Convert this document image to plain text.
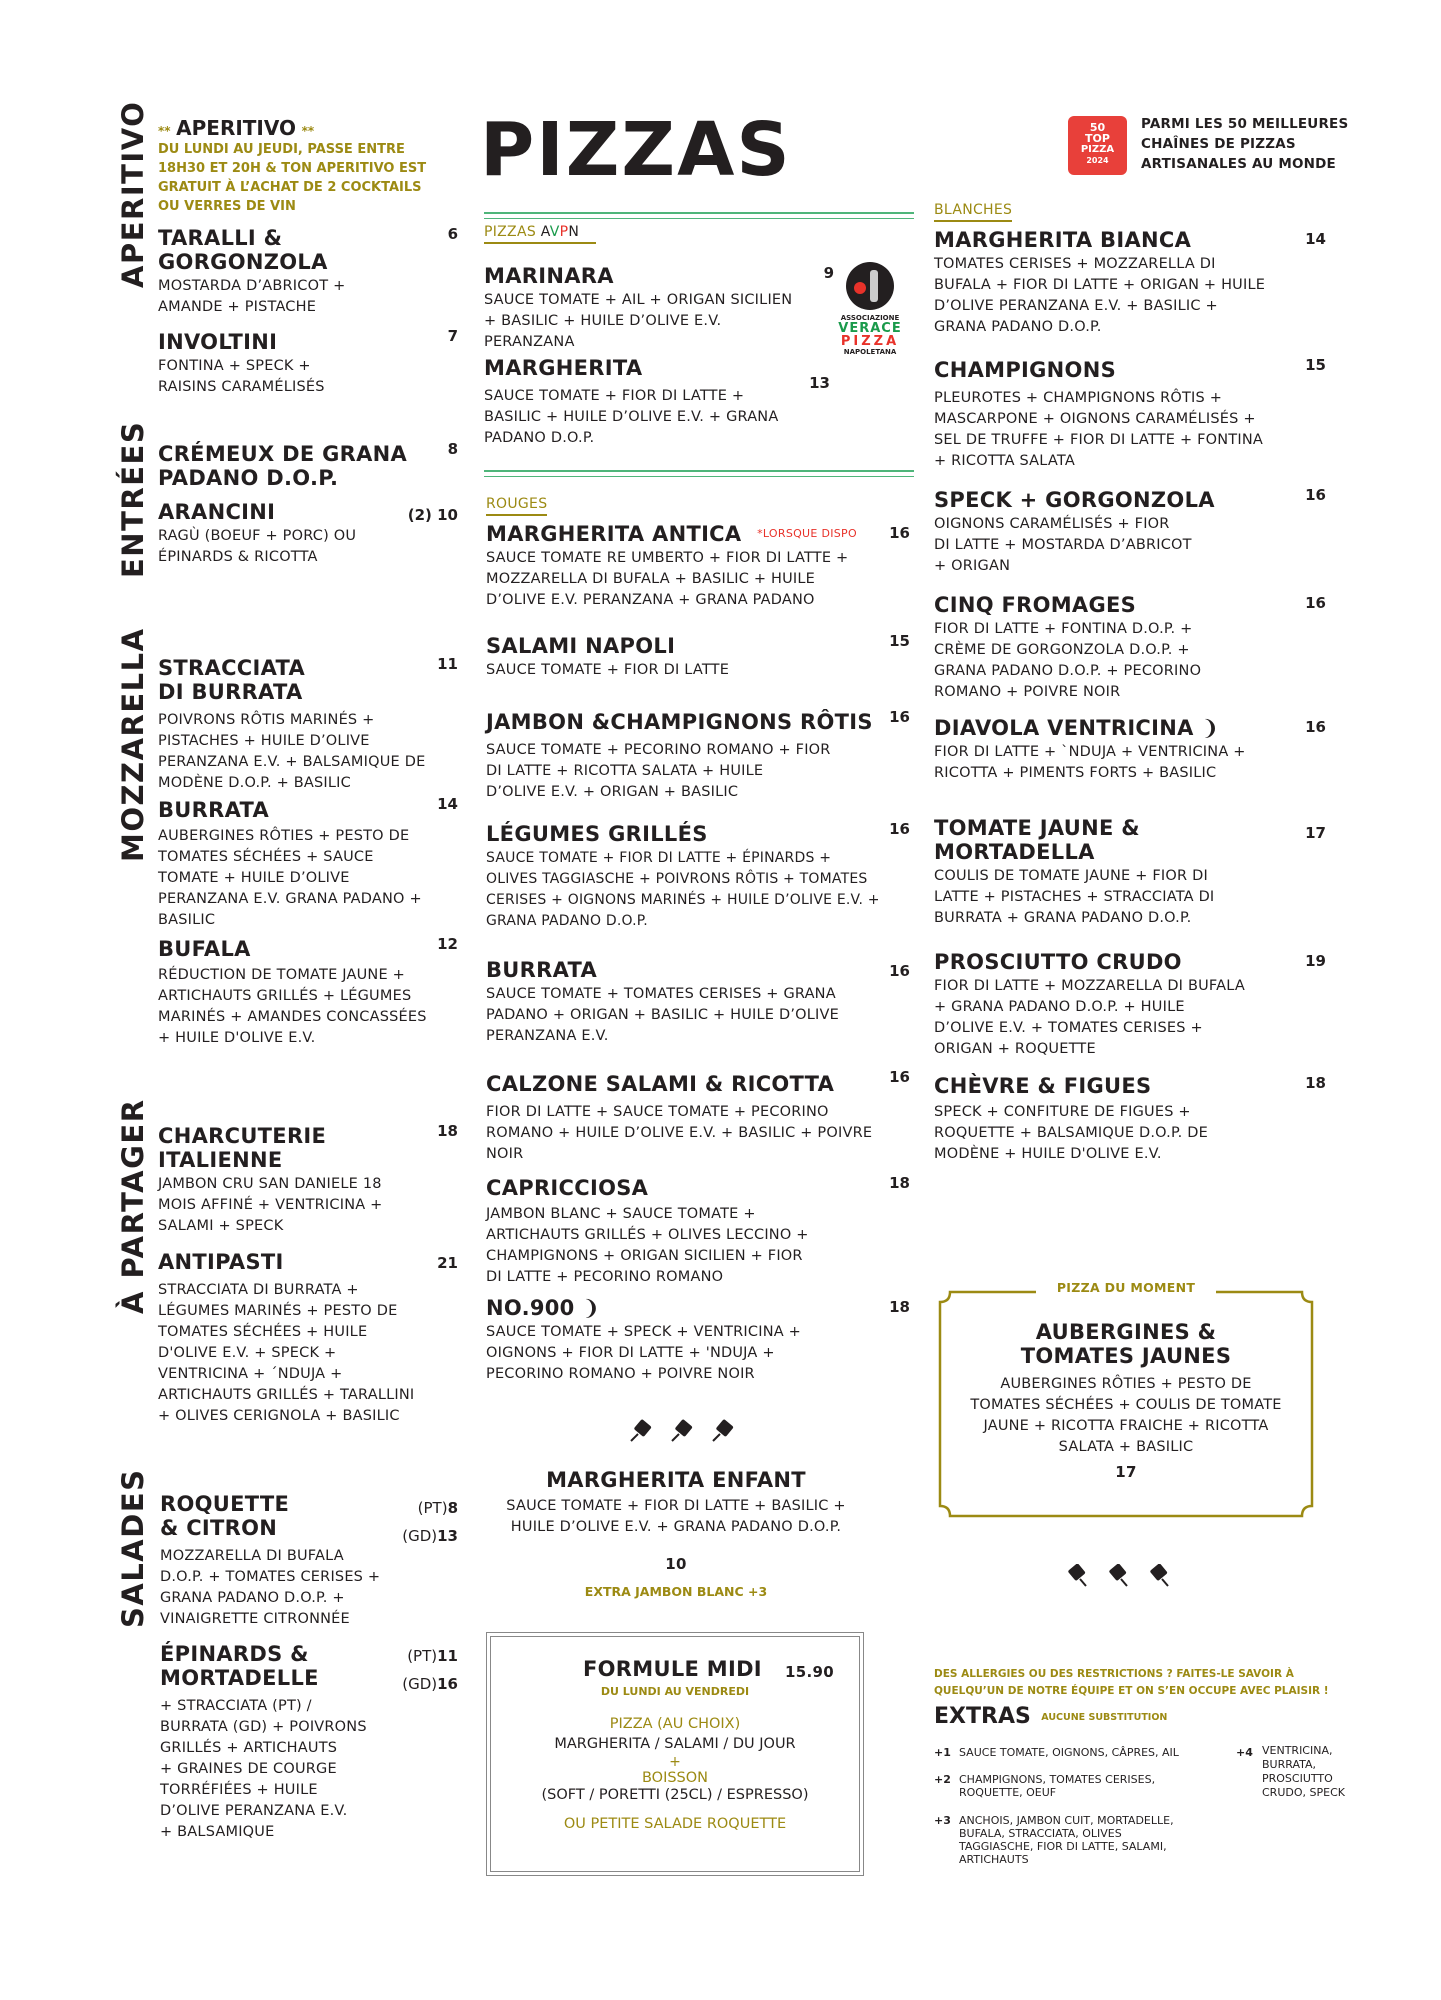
PIZZAS	50
TOP
PIZZA
2024
PARMI LES 50 MEILLEURES
CHAÎNES DE PIZZAS
ARTISANALES AU MONDE
APERITIVO
ENTRÉES
MOZZARELLA
À PARTAGER
SALADES
** APERITIVO **
DU LUNDI AU JEUDI, PASSE ENTRE
18H30 ET 20H & TON APERITIVO EST
GRATUIT À L’ACHAT DE 2 COCKTAILS
OU VERRES DE VIN
TARALLI &
GORGONZOLA
MOSTARDA D’ABRICOT +
AMANDE + PISTACHE
6
INVOLTINI
FONTINA + SPECK +
RAISINS CARAMÉLISÉS
7
CRÉMEUX DE GRANA
PADANO D.O.P.
8
ARANCINI
RAGÙ (BOEUF + PORC) OU
ÉPINARDS & RICOTTA
(2) 10
STRACCIATA
DI BURRATA
POIVRONS RÔTIS MARINÉS +
PISTACHES + HUILE D’OLIVE
PERANZANA E.V. + BALSAMIQUE DE
MODÈNE D.O.P. + BASILIC
11
BURRATA
AUBERGINES RÔTIES + PESTO DE
TOMATES SÉCHÉES + SAUCE
TOMATE + HUILE D’OLIVE
PERANZANA E.V. GRANA PADANO +
BASILIC
14
BUFALA
RÉDUCTION DE TOMATE JAUNE +
ARTICHAUTS GRILLÉS + LÉGUMES
MARINÉS + AMANDES CONCASSÉES
+ HUILE D'OLIVE E.V.
12
CHARCUTERIE
ITALIENNE
JAMBON CRU SAN DANIELE 18
MOIS AFFINÉ + VENTRICINA +
SALAMI + SPECK
18
ANTIPASTI
STRACCIATA DI BURRATA +
LÉGUMES MARINÉS + PESTO DE
TOMATES SÉCHÉES + HUILE
D'OLIVE E.V. + SPECK +
VENTRICINA + ´NDUJA +
ARTICHAUTS GRILLÉS + TARALLINI
+ OLIVES CERIGNOLA + BASILIC
21
ROQUETTE
& CITRON
MOZZARELLA DI BUFALA
D.O.P. + TOMATES CERISES +
GRANA PADANO D.O.P. +
VINAIGRETTE CITRONNÉE
(PT)8
(GD)13
ÉPINARDS &
MORTADELLE
+ STRACCIATA (PT) /
BURRATA (GD) + POIVRONS
GRILLÉS + ARTICHAUTS
+ GRAINES DE COURGE
TORRÉFIÉES + HUILE
D’OLIVE PERANZANA E.V.
+ BALSAMIQUE
(PT)11
(GD)16
PIZZAS AVPN
ASSOCIAZIONE
VERACE
PIZZA
NAPOLETANA
MARINARA
SAUCE TOMATE + AIL + ORIGAN SICILIEN
+ BASILIC + HUILE D’OLIVE E.V.
PERANZANA
9
MARGHERITA
SAUCE TOMATE + FIOR DI LATTE +
BASILIC + HUILE D’OLIVE E.V. + GRANA
PADANO D.O.P.
13
ROUGES
MARGHERITA ANTICA $^{*LORSQUE DISPO}$
SAUCE TOMATE RE UMBERTO + FIOR DI LATTE +
MOZZARELLA DI BUFALA + BASILIC + HUILE
D’OLIVE E.V. PERANZANA + GRANA PADANO
16
SALAMI NAPOLI
SAUCE TOMATE + FIOR DI LATTE
15
JAMBON &CHAMPIGNONS RÔTIS
SAUCE TOMATE + PECORINO ROMANO + FIOR
DI LATTE + RICOTTA SALATA + HUILE
D’OLIVE E.V. + ORIGAN + BASILIC
16
LÉGUMES GRILLÉS
SAUCE TOMATE + FIOR DI LATTE + ÉPINARDS +
OLIVES TAGGIASCHE + POIVRONS RÔTIS + TOMATES
CERISES + OIGNONS MARINÉS + HUILE D’OLIVE E.V. +
GRANA PADANO D.O.P.
16
BURRATA
SAUCE TOMATE + TOMATES CERISES + GRANA
PADANO + ORIGAN + BASILIC + HUILE D’OLIVE
PERANZANA E.V.
16
CALZONE SALAMI & RICOTTA
FIOR DI LATTE + SAUCE TOMATE + PECORINO
ROMANO + HUILE D’OLIVE E.V. + BASILIC + POIVRE
NOIR
16
CAPRICCIOSA
JAMBON BLANC + SAUCE TOMATE +
ARTICHAUTS GRILLÉS + OLIVES LECCINO +
CHAMPIGNONS + ORIGAN SICILIEN + FIOR
DI LATTE + PECORINO ROMANO
18
NO.900 ❩
SAUCE TOMATE + SPECK + VENTRICINA +
OIGNONS + FIOR DI LATTE + 'NDUJA +
PECORINO ROMANO + POIVRE NOIR
18
MARGHERITA ENFANT
SAUCE TOMATE + FIOR DI LATTE + BASILIC +
HUILE D’OLIVE E.V. + GRANA PADANO D.O.P.
10
EXTRA JAMBON BLANC +3
FORMULE MIDI 15.90
DU LUNDI AU VENDREDI
PIZZA (AU CHOIX)
MARGHERITA / SALAMI / DU JOUR
+
BOISSON
(SOFT / PORETTI (25CL) / ESPRESSO)
OU PETITE SALADE ROQUETTE
BLANCHES
MARGHERITA BIANCA
TOMATES CERISES + MOZZARELLA DI
BUFALA + FIOR DI LATTE + ORIGAN + HUILE
D’OLIVE PERANZANA E.V. + BASILIC +
GRANA PADANO D.O.P.
14
CHAMPIGNONS
PLEUROTES + CHAMPIGNONS RÔTIS +
MASCARPONE + OIGNONS CARAMÉLISÉS +
SEL DE TRUFFE + FIOR DI LATTE + FONTINA
+ RICOTTA SALATA
15
SPECK + GORGONZOLA
OIGNONS CARAMÉLISÉS + FIOR
DI LATTE + MOSTARDA D’ABRICOT
+ ORIGAN
16
CINQ FROMAGES
FIOR DI LATTE + FONTINA D.O.P. +
CRÈME DE GORGONZOLA D.O.P. +
GRANA PADANO D.O.P. + PECORINO
ROMANO + POIVRE NOIR
16
DIAVOLA VENTRICINA ❩
FIOR DI LATTE + `NDUJA + VENTRICINA +
RICOTTA + PIMENTS FORTS + BASILIC
16
TOMATE JAUNE &
MORTADELLA
COULIS DE TOMATE JAUNE + FIOR DI
LATTE + PISTACHES + STRACCIATA DI
BURRATA + GRANA PADANO D.O.P.
17
PROSCIUTTO CRUDO
FIOR DI LATTE + MOZZARELLA DI BUFALA
+ GRANA PADANO D.O.P. + HUILE
D’OLIVE E.V. + TOMATES CERISES +
ORIGAN + ROQUETTE
19
CHÈVRE & FIGUES
SPECK + CONFITURE DE FIGUES +
ROQUETTE + BALSAMIQUE D.O.P. DE
MODÈNE + HUILE D'OLIVE E.V.
18
PIZZA DU MOMENT
AUBERGINES &
TOMATES JAUNES
AUBERGINES RÔTIES + PESTO DE
TOMATES SÉCHÉES + COULIS DE TOMATE
JAUNE + RICOTTA FRAICHE + RICOTTA
SALATA + BASILIC
17
DES ALLERGIES OU DES RESTRICTIONS ? FAITES-LE SAVOIR À
QUELQU’UN DE NOTRE ÉQUIPE ET ON S’EN OCCUPE AVEC PLAISIR !
EXTRAS AUCUNE SUBSTITUTION
+1 SAUCE TOMATE, OIGNONS, CÂPRES, AIL
+2 CHAMPIGNONS, TOMATES CERISES,
ROQUETTE, OEUF
+3 ANCHOIS, JAMBON CUIT, MORTADELLE,
BUFALA, STRACCIATA, OLIVES
TAGGIASCHE, FIOR DI LATTE, SALAMI,
ARTICHAUTS
+4 VENTRICINA,
BURRATA,
PROSCIUTTO
CRUDO, SPECK
